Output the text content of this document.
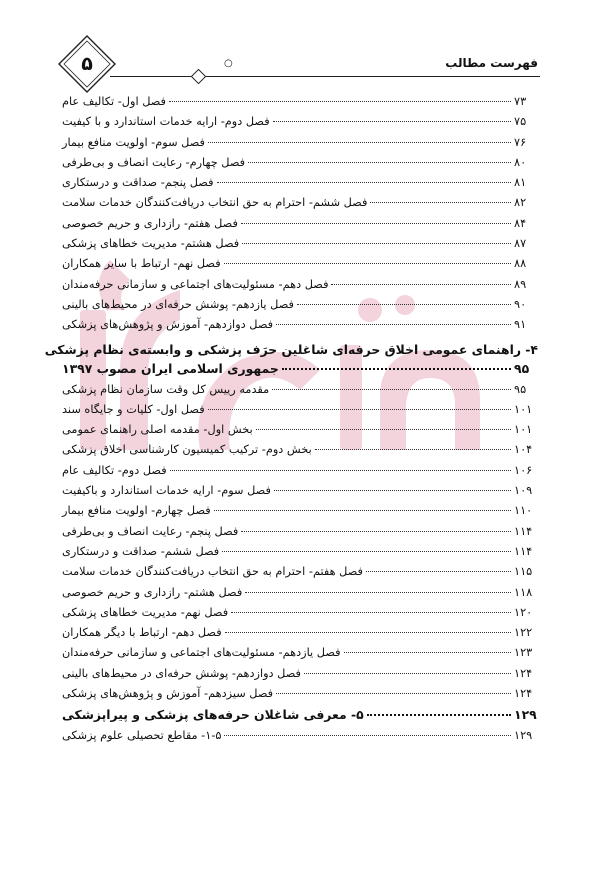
۵	○	فهرست مطالب
فصل اول- تکالیف عام	۷۳
فصل دوم- ارایه خدمات استاندارد و با کیفیت	۷۵
فصل سوم- اولویت منافع بیمار	۷۶
فصل چهارم- رعایت انصاف و بی‌طرفی	۸۰
فصل پنجم- صداقت و درستکاری	۸۱
فصل ششم- احترام به حق انتخاب دریافت‌کنندگان خدمات سلامت	۸۲
فصل هفتم- رازداری و حریم خصوصی	۸۴
فصل هشتم- مدیریت خطاهای پزشکی	۸۷
فصل نهم- ارتباط با سایر همکاران	۸۸
فصل دهم- مسئولیت‌های اجتماعی و سازمانی حرفه‌مندان	۸۹
فصل یازدهم- پوشش حرفه‌ای در محیط‌های بالینی	۹۰
فصل دوازدهم- آموزش و پژوهش‌های پزشکی	۹۱
۴- راهنمای عمومی اخلاق حرفه‌ای شاغلین حرَف پزشکی و وابسته‌ی نظام پزشکی
جمهوری اسلامی ایران مصوب ۱۳۹۷	۹۵
مقدمه رییس کل وقت سازمان نظام پزشکی	۹۵
فصل اول- کلیات و جایگاه سند	۱۰۱
بخش اول- مقدمه اصلی راهنمای عمومی	۱۰۱
بخش دوم- ترکیب کمیسیون کارشناسی اخلاق پزشکی	۱۰۴
فصل دوم- تکالیف عام	۱۰۶
فصل سوم- ارایه خدمات استاندارد و باکیفیت	۱۰۹
فصل چهارم- اولویت منافع بیمار	۱۱۰
فصل پنجم- رعایت انصاف و بی‌طرفی	۱۱۴
فصل ششم- صداقت و درستکاری	۱۱۴
فصل هفتم- احترام به حق انتخاب دریافت‌کنندگان خدمات سلامت	۱۱۵
فصل هشتم- رازداری و حریم خصوصی	۱۱۸
فصل نهم- مدیریت خطاهای پزشکی	۱۲۰
فصل دهم- ارتباط با دیگر همکاران	۱۲۲
فصل یازدهم- مسئولیت‌های اجتماعی و سازمانی حرفه‌مندان	۱۲۳
فصل دوازدهم- پوشش حرفه‌ای در محیط‌های بالینی	۱۲۴
فصل سیزدهم- آموزش و پژوهش‌های پزشکی	۱۲۴
۵- معرفی شاغلان حرفه‌های پزشکی و پیراپزشکی	۱۲۹
۱-۵- مقاطع تحصیلی علوم پزشکی	۱۲۹
